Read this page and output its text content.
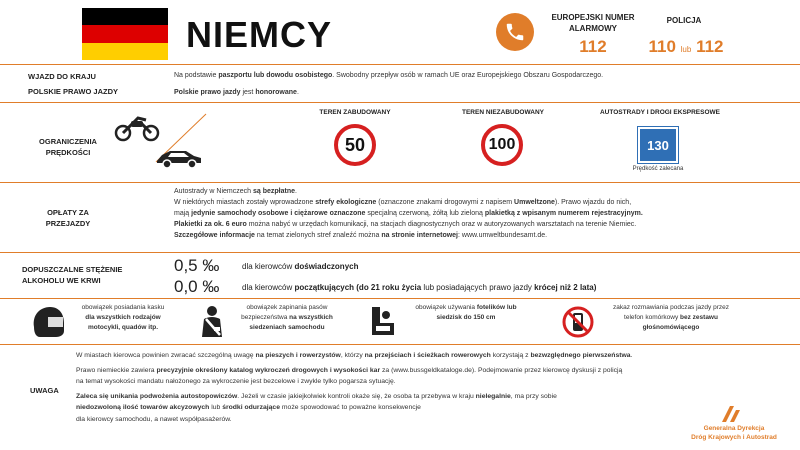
NIEMCY	EUROPEJSKI NUMER ALARMOWY
112
POLICJA
110 lub 112
WJAZD DO KRAJU	Na podstawie paszportu lub dowodu osobistego. Swobodny przepływ osób w ramach UE oraz Europejskiego Obszaru Gospodarczego.
POLSKIE PRAWO JAZDY	Polskie prawo jazdy jest honorowane.
OGRANICZENIA
PRĘDKOŚCI
TEREN ZABUDOWANY
50
TEREN NIEZABUDOWANY
100
AUTOSTRADY I DROGI EKSPRESOWE
130
Prędkość zalecana
OPŁATY ZA
PRZEJAZDY
Autostrady w Niemczech są bezpłatne.
W niektórych miastach zostały wprowadzone strefy ekologiczne (oznaczone znakami drogowymi z napisem Umweltzone). Prawo wjazdu do nich,
mają jedynie samochody osobowe i ciężarowe oznaczone specjalną czerwoną, żółtą lub zieloną plakietką z wpisanym numerem rejestracyjnym.
Plakietki za ok. 6 euro można nabyć w urzędach komunikacji, na stacjach diagnostycznych oraz w autoryzowanych warsztatach na terenie Niemiec.
Szczegółowe informacje na temat zielonych stref znaleźć można na stronie internetowej: www.umweltbundesamt.de.
DOPUSZCZALNE STĘŻENIE
ALKOHOLU WE KRWI
0,5 ‰	dla kierowców doświadczonych
0,0 ‰	dla kierowców początkujących (do 21 roku życia lub posiadających prawo jazdy krócej niż 2 lata)
obowiązek posiadania kasku
dla wszystkich rodzajów
motocykli, quadów itp.
obowiązek zapinania pasów
bezpieczeństwa na wszystkich
siedzeniach samochodu
obowiązek używania fotelików lub
siedzisk do 150 cm
zakaz rozmawiania podczas jazdy przez
telefon komórkowy bez zestawu
głośnomówiącego
UWAGA
W miastach kierowca powinien zwracać szczególną uwagę na pieszych i rowerzystów, którzy na przejściach i ścieżkach rowerowych korzystają z bezwzględnego pierwszeństwa.
Prawo niemieckie zawiera precyzyjnie określony katalog wykroczeń drogowych i wysokości kar za (www.bussgeldkataloge.de). Podejmowanie przez kierowcę dyskusji z policją
na temat wysokości mandatu nałożonego za wykroczenie jest bezcelowe i zwykle tylko pogarsza sytuację.
Zaleca się unikania podwożenia autostopowiczów. Jeżeli w czasie jakiejkolwiek kontroli okaże się, że osoba ta przebywa w kraju nielegalnie, ma przy sobie
niedozwoloną ilość towarów akcyzowych lub środki odurzające może spowodować to poważne konsekwencje
dla kierowcy samochodu, a nawet współpasażerów.
Generalna Dyrekcja
Dróg Krajowych i Autostrad
